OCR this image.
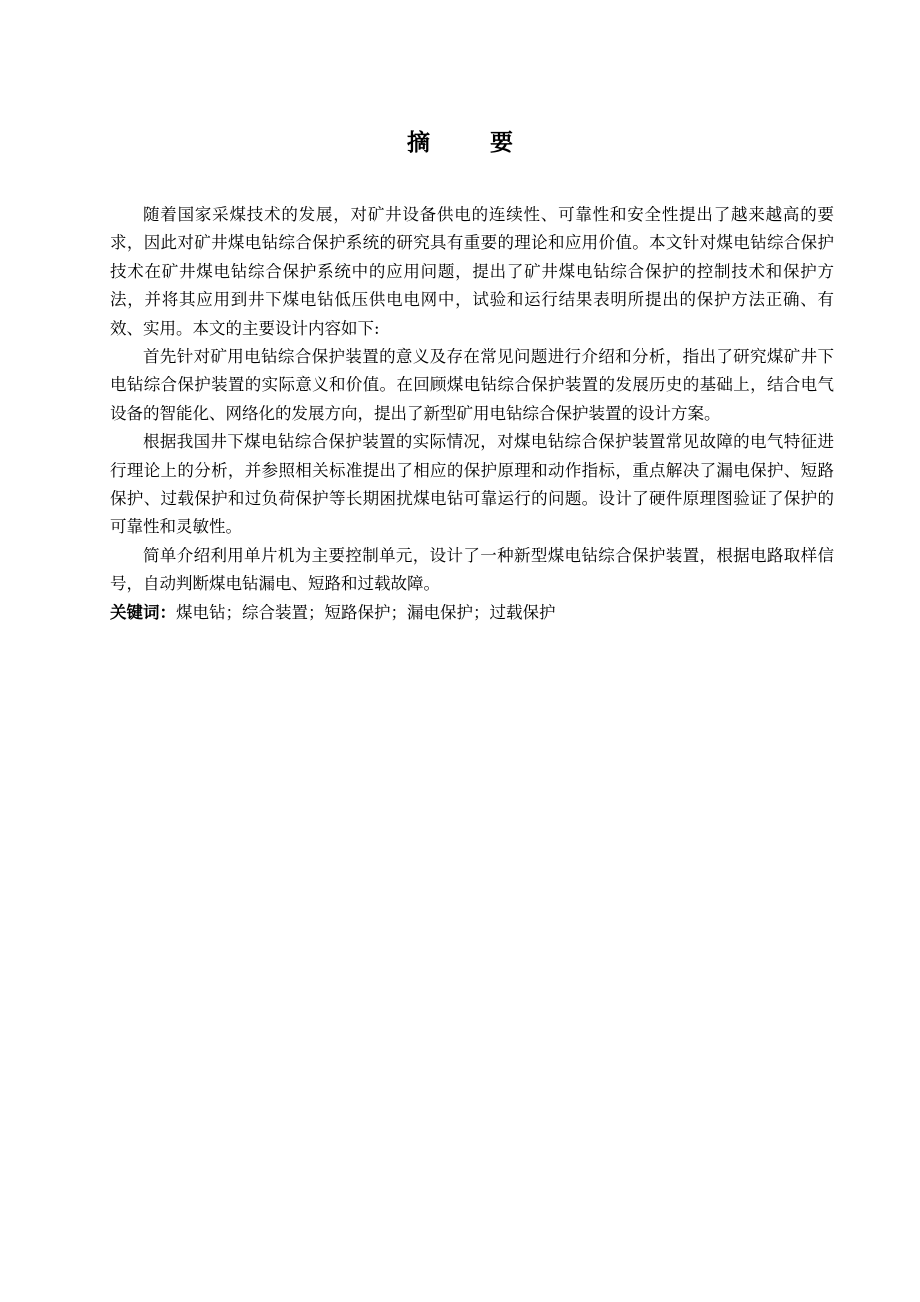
摘 要

随着国家采煤技术的发展，对矿井设备供电的连续性、可靠性和安全性提出了越来越高的要求，因此对矿井煤电钻综合保护系统的研究具有重要的理论和应用价值。本文针对煤电钻综合保护技术在矿井煤电钻综合保护系统中的应用问题，提出了矿井煤电钻综合保护的控制技术和保护方法，并将其应用到井下煤电钻低压供电电网中，试验和运行结果表明所提出的保护方法正确、有效、实用。本文的主要设计内容如下:

首先针对矿用电钻综合保护装置的意义及存在常见问题进行介绍和分析，指出了研究煤矿井下电钻综合保护装置的实际意义和价值。在回顾煤电钻综合保护装置的发展历史的基础上，结合电气设备的智能化、网络化的发展方向，提出了新型矿用电钻综合保护装置的设计方案。

根据我国井下煤电钻综合保护装置的实际情况，对煤电钻综合保护装置常见故障的电气特征进行理论上的分析，并参照相关标准提出了相应的保护原理和动作指标，重点解决了漏电保护、短路保护、过载保护和过负荷保护等长期困扰煤电钻可靠运行的问题。设计了硬件原理图验证了保护的可靠性和灵敏性。

简单介绍利用单片机为主要控制单元，设计了一种新型煤电钻综合保护装置，根据电路取样信号，自动判断煤电钻漏电、短路和过载故障。

关键词：煤电钻；综合装置；短路保护；漏电保护；过载保护
